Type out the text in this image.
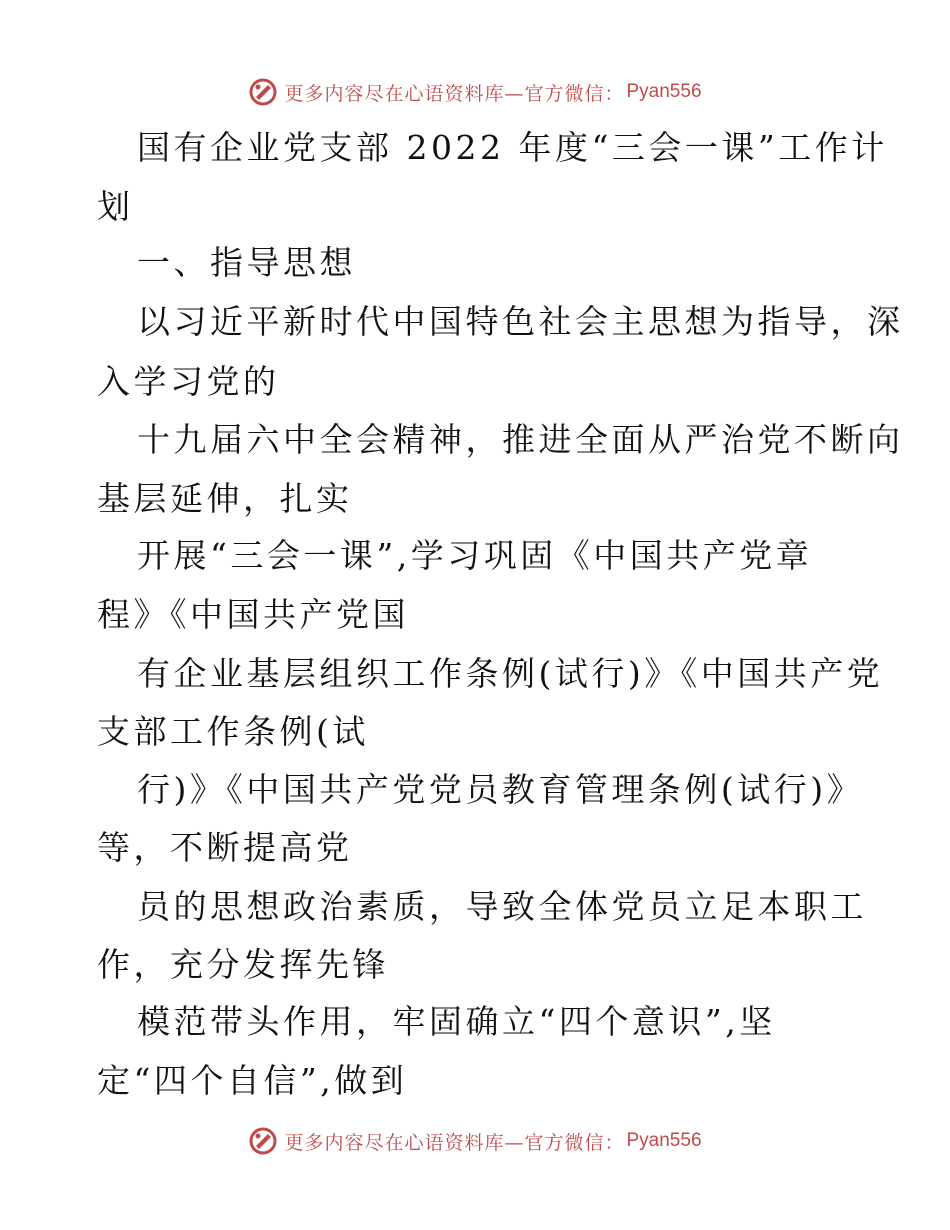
更多内容尽在心语资料库—官方微信： Pyan556
国有企业党支部 2022 年度“三会一课”工作计
划
一、指导思想
以习近平新时代中国特色社会主思想为指导，深
入学习党的
十九届六中全会精神，推进全面从严治党不断向
基层延伸，扎实
开展“三会一课”,学习巩固《中国共产党章
程》《中国共产党国
有企业基层组织工作条例(试行)》《中国共产党
支部工作条例(试
行)》《中国共产党党员教育管理条例(试行)》
等，不断提高党
员的思想政治素质，导致全体党员立足本职工
作，充分发挥先锋
模范带头作用，牢固确立“四个意识”,坚
定“四个自信”,做到
更多内容尽在心语资料库—官方微信： Pyan556
